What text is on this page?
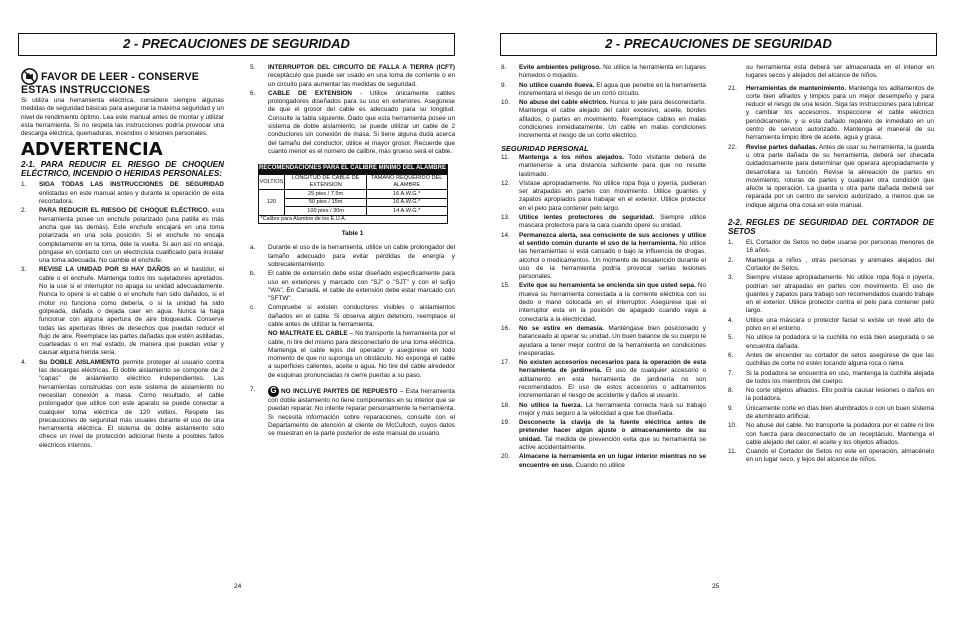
2 - PRECAUCIONES DE SEGURIDAD	2 - PRECAUCIONES DE SEGURIDAD
FAVOR DE LEER - CONSERVE
ESTAS INSTRUCCIONES

Si utiliza una herramienta eléctrica, considere siempre algunas medidas de seguridad básicas para asegurar la máxima seguridad y un nivel de rendimiento óptimo. Lea este manual antes de montar y utilizar esta herramienta. Si no respeta las instrucciones podría provocar una descarga eléctrica, quemaduras, incendios o lesiones personales.

ADVERTENCIA
2-1. PARA REDUCIR EL RIESGO DE CHOQUEN ELÉCTRICO, INCENDIO O HERIDAS PERSONALES:
1.	SIGA TODAS LAS INSTRUCCIONES DE SEGURIDAD enlistadas en este manual antes y durante la operación de esta recortadora.
2.	PARA REDUCIR EL RIESGO DE CHOQUE ELÉCTRICO, esta herramienta posee un enchufe polarizado (una patilla es más ancha que las demás). Este enchufe encajará en una toma polarizada en una sola posición. Si el enchufe no encaja completamente en la toma, déle la vuelta. Si aún así no encaja, póngase en contacto con un electricista cualificado para instalar una toma adecuada. No cambie el enchufe.
3.	REVISE LA UNIDAD POR SI HAY DAÑOS en el bastidor, el cable o el enchufe. Mantenga todos los sujetadores apretados. No la use si el interruptor no apaga su unidad adecuadamente. Nunca lo opere si el cable o el enchufe han sido dañados, si el motor no funciona como debería, o si la unidad ha sido golpeada, dañada o dejada caer en agua. Nunca la haga funcionar con alguna apertura de aire bloqueada. Conserve todas las aperturas libres de desechos que puedan reducir el flujo de aire. Reemplace las partes dañadas que estén astilladas, cuarteadas o en mal estado, de manera que puedan volar y causar alguna herida seria.
4.	Su DOBLE AISLAMIENTO permite proteger al usuario contra las descargas eléctricas. El doble aislamiento se compone de 2 "capas" de aislamiento eléctrico independientes. Las herramientas construidas con este sistema de aislamiento no necesitan conexión a masa. Como resultado, el cable prolongador que utilice con este aparato se puede conectar a cualquier toma eléctrica de 120 voltios. Respete las precauciones de seguridad más usuales durante el uso de una herramienta eléctrica. El sistema de doble aislamiento sólo ofrece un nivel de protección adicional frente a posibles fallos eléctricos internos.
5.	INTERRUPTOR DEL CIRCUITO DE FALLA A TIERRA (ICFT) receptáculo que puede ser usado en una toma de corriente o en un circuito para aumentar las medidas de seguridad.
6.	CABLE DE EXTENSION - Utilice únicamente cables prolongadores diseñados para su uso en exteriores. Asegúrese de que el grosor del cable es adecuado para su longitud. Consulte la tabla siguiente. Dado que esta herramienta posee un sistema de doble aislamiento, se puede utilizar un cable de 2 conductores sin conexión de masa. Si tiene alguna duda acerca del tamaño del conductor, utilice el mayor grosor. Recuerde que cuanto menor es el número de calibre, más grueso será el cable.
RECOMENDACIONES PARA EL CALIBRE MINIMO DEL ALAMBRE
VOLTIOS	LONGITUD DE CABLE DE EXTENSION	TAMAÑO REQUERIDO DEL ALAMBRE
120	25 pies / 7.5m	16 A.W.G.*
	50 pies / 15m	16 A.W.G.*
	100 pies / 30m	14 A.W.G.*
*Calibre para Alambre de los E.U.A.
Table 1
a.	Durante el uso de la herramienta, utilice un cable prolongador del tamaño adecuado para evitar pérdidas de energía y sobrecalentamiento.
b.	El cable de extensión debe estar diseñado específicamente para uso en exteriores y marcado con "SJ" o "SJT" y con el sufijo "WA". En Canadá, el cable de extensión debe estar marcado con "SFTW".
c.	Compruebe si existen conductores visibles o aislamientos dañados en el cable. Si observa algún deterioro, reemplace el cable antes de utilizar la herramienta.
NO MALTRATE EL CABLE – No transporte la herramienta por el cable, ni tire del mismo para desconectarlo de una toma eléctrica. Mantenga el cable lejos del operador y asegúrese en todo momento de que no suponga un obstáculo. No exponga el cable a superficies calientes, aceite o agua. No tire del cable alrededor de esquinas pronunciadas ni cierre puertas a su paso.
7.	G NO INCLUYE PARTES DE REPUESTO – Esta herramienta con doble aislamiento no tiene componentes en su interior que se puedan reparar. No intente reparar personalmente la herramienta. Si necesita información sobre reparaciones, consulte con el Departamento de atención al cliente de McCulloch, cuyos datos se muestran en la parte posterior de este manual de usuario.
8.	Evite ambientes peligroso. No utilice la herramienta en lugares húmedos o mojados.
9.	No utilice cuando llueva. El agua que penetre en la herramienta incrementara el riesgo de un corto circuito.
10.	No abuse del cable eléctrico. Nunca lo jale para desconectarlo. Mantenga el cable alejado del calor excesivo, aceite, bordes afilados, o partes en movimiento. Reemplace cables en malas condiciones inmediatamente. Un cable en malas condiciones incrementa el riesgo de un corto eléctrico.
SEGURIDAD PERSONAL
11.	Mantenga a los niños alejados. Todo visitante deberá de mantenerse a una distancia suficiente para que no resulte lastimado.
12.	Vístase apropiadamente. No utilice ropa floja o joyería, pudieran ser atrapadas en partes con movimiento. Utilice guantes y zapatos apropiados para trabajar en el exterior. Utilice protector en el pelo para contener pelo largo.
13.	Utilice lentes protectores de seguridad. Siempre utilice mascara protectora para la cara cuando opere su unidad.
14.	Permanezca alerta, sea consciente de sus acciones y utilice el sentido común durante el uso de la herramienta. No utilice las herramientas si está cansado o bajo la influencia de drogas, alcohol o medicamentos. Un momento de desatención durante el uso de la herramienta podría provocar serias lesiones personales.
15.	Evite que su herramienta se encienda sin que usted sepa. No mueva su herramienta conectada a la corriente eléctrica con su dedo o mano colocada en el interruptor. Asegúrese que el interruptor esta en la posición de apagado cuando vaya a conectarla a la electricidad.
16.	No se estire en demasía. Manténgase bien posicionado y balanceado al operar su unidad. Un buen balance de su cuerpo le ayudara a tener mejor control de la herramienta en condiciones inesperadas.
17.	No existen accesorios necesarios para la operación de esta herramienta de jardinería. El uso de cualquier accesorio o aditamento en esta herramienta de jardinería no son recomendados. El uso de estos accesorios o aditamentos incrementaran el riesgo de accidente y daños al usuario.
18.	No utilice la fuerza. La herramienta correcta hará su trabajo mejor y más seguro a la velocidad a que fue diseñada.
19.	Desconecte la clavija de la fuente eléctrica antes de pretender hacer algún ajuste o almacenamiento de su unidad. Tal medida de prevención evita que su herramienta se active accidentalmente.
20.	Almacene la herramienta en un lugar interior mientras no se encuentre en uso. Cuando no utilice
su herramienta esta deberá ser almacenada en el interior en lugares secos y alejados del alcance de niños.
21.	Herramientas de mantenimiento. Mantenga los aditamentos de corte bien afilados y limpios para un mejor desempeño y para reducir el riesgo de una lesión. Siga las instrucciones para lubricar y cambiar los accesorios. Inspeccione el cable eléctrico periódicamente, y si esta dañado repárelo de inmediato en un centro de servicio autorizado. Mantenga el maneral de su herramienta limpio libre de aceite, agua y grasa.
22.	Revise partes dañadas. Antes de usar su herramienta, la guarda u otra parte dañada de su herramienta, deberá ser checada cuidadosamente para determinar que operara apropiadamente y desarrollara su función. Revise la alineación de partes en movimiento, roturas de partes y cualquier otra condición que afecte la operación. La guarda u otra parte dañada deberá ser reparada por un centro de servicio autorizado, a menos que se indique alguna otra cosa en este manual.
2-2. REGLES DE SEGURIDAD DEL CORTADOR DE SETOS
1.	EL Cortador de Setos no debe usarse por personas menores de 16 años.
2.	Mantenga a niños , otras personas y animales alejados del Cortador de Setos.
3.	Siempre vístase apropiadamente. No utilice ropa floja o joyería, podrían ser atrapadas en partes con movimiento. El uso de guantes y zapatos para trabajo son recomendados cuando trabaje en el exterior. Utilice protector contra el pelo para contener pelo largo.
4.	Utilice una máscara o protector facial si existe un nivel alto de polvo en el entorno.
5.	No utilice la podadora si la cuchilla no está bien asegurada o se encuentra dañada.
6.	Antes de encender su cortador de setos asegúrese de que las cuchillas de corte no estén tocando alguna roca o rama.
7.	Si la podadora se encuentra en uso, mantenga la cuchilla alejada de todos los miembros del cuerpo.
8.	No corte objetos afilados. Ello podría causar lesiones o daños en la podadora.
9.	Únicamente corte en días bien alumbrados o con un buen sistema de alumbrado artificial.
10.	No abuse del cable. No transporte la podadora por el cable ni tire con fuerza para desconectarlo de un receptáculo. Mantenga el cable alejado del calor, el aceite y los objetos afilados.
11.	Cuando el Cortador de Setos no este en operación, almacénelo en un lugar seco, y lejos del alcance de niños.
24	25
